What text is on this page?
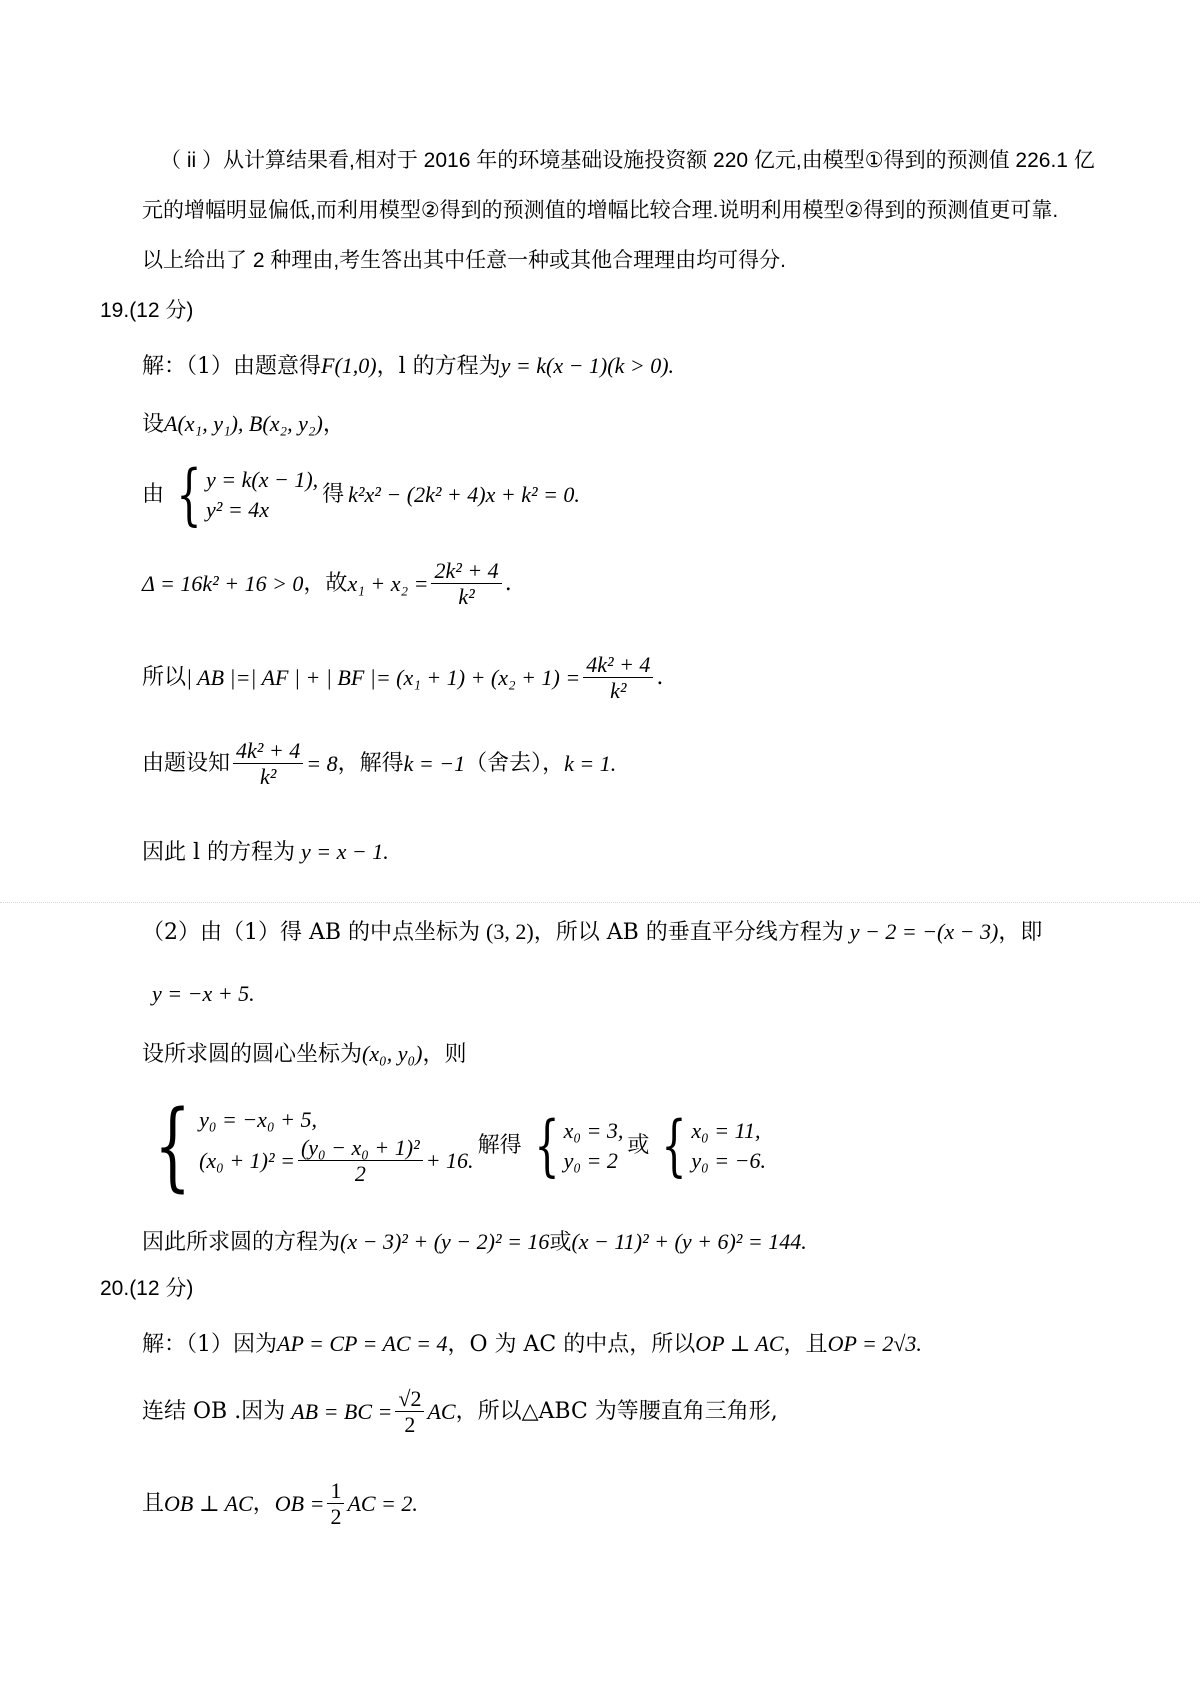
（ ii ）从计算结果看,相对于 2016 年的环境基础设施投资额 220 亿元,由模型①得到的预测值 226.1 亿
元的增幅明显偏低,而利用模型②得到的预测值的增幅比较合理.说明利用模型②得到的预测值更可靠.
以上给出了 2 种理由,考生答出其中任意一种或其他合理理由均可得分.
19.(12 分)
解：（1）由题意得F(1,0)，l 的方程为y = k(x − 1)(k > 0).
设A(x₁, y₁), B(x₂, y₂)，
由 { y = k(x − 1),
y² = 4x
得 k²x² − (2k² + 4)x + k² = 0.
Δ = 16k² + 16 > 0 ，故 $x_1 + x_2 = \frac{\text{2k² + 4}}{\text{k²}}$ .
所以 | AB |=| AF | + | BF |= $(x_1 + 1) + (x_2 + 1) = \frac{\text{4k² + 4}}{\text{k²}}$ .
由题设知 $\frac{\text{4k² + 4}}{\text{k²}} = 8$ ，解得 k = −1 （舍去）， k = 1.
因此 l 的方程为 y = x − 1.
（2）由（1）得 AB 的中点坐标为 (3, 2)，所以 AB 的垂直平分线方程为 y − 2 = −(x − 3)，即
y = −x + 5.
设所求圆的圆心坐标为(x₀, y₀)，则
{ y₀ = −x₀ + 5,
$(x_0 + 1)^2 = \frac{\text{(y₀ − x₀ + 1)²}}{2} + 16$.
解得 { x₀ = 3,
y₀ = 2
或 { x₀ = 11,
y₀ = −6.
因此所求圆的方程为(x − 3)² + (y − 2)² = 16或(x − 11)² + (y + 6)² = 144.
20.(12 分)
解：（1）因为AP = CP = AC = 4，O 为 AC 的中点，所以OP ⊥ AC，且OP = 2√3.
连结 OB .因为 AB = BC = $\frac{√2}{2}$ AC ，所以△ABC 为等腰直角三角形,
且 OB ⊥ AC ， OB = $\frac{1}{2}$ AC = 2.
